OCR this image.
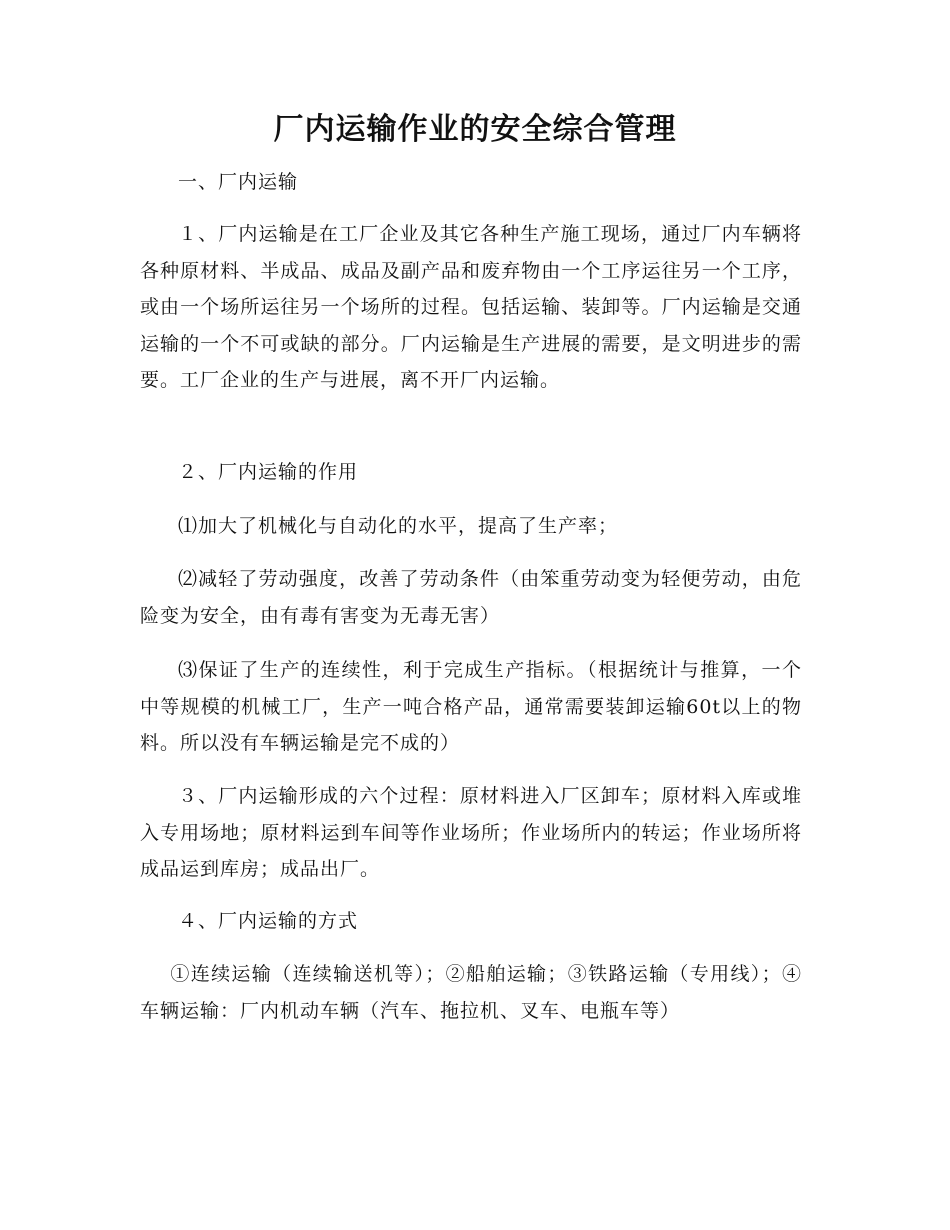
厂内运输作业的安全综合管理

一、厂内运输

１、厂内运输是在工厂企业及其它各种生产施工现场，通过厂内车辆将各种原材料、半成品、成品及副产品和废弃物由一个工序运往另一个工序，或由一个场所运往另一个场所的过程。包括运输、装卸等。厂内运输是交通运输的一个不可或缺的部分。厂内运输是生产进展的需要，是文明进步的需要。工厂企业的生产与进展，离不开厂内运输。

２、厂内运输的作用

⑴加大了机械化与自动化的水平，提高了生产率；

⑵减轻了劳动强度，改善了劳动条件（由笨重劳动变为轻便劳动，由危险变为安全，由有毒有害变为无毒无害）

⑶保证了生产的连续性，利于完成生产指标。（根据统计与推算，一个中等规模的机械工厂，生产一吨合格产品，通常需要装卸运输60t以上的物料。所以没有车辆运输是完不成的）

３、厂内运输形成的六个过程：原材料进入厂区卸车；原材料入库或堆入专用场地；原材料运到车间等作业场所；作业场所内的转运；作业场所将成品运到库房；成品出厂。

４、厂内运输的方式

①连续运输（连续输送机等）；②船舶运输；③铁路运输（专用线）；④车辆运输：厂内机动车辆（汽车、拖拉机、叉车、电瓶车等）
